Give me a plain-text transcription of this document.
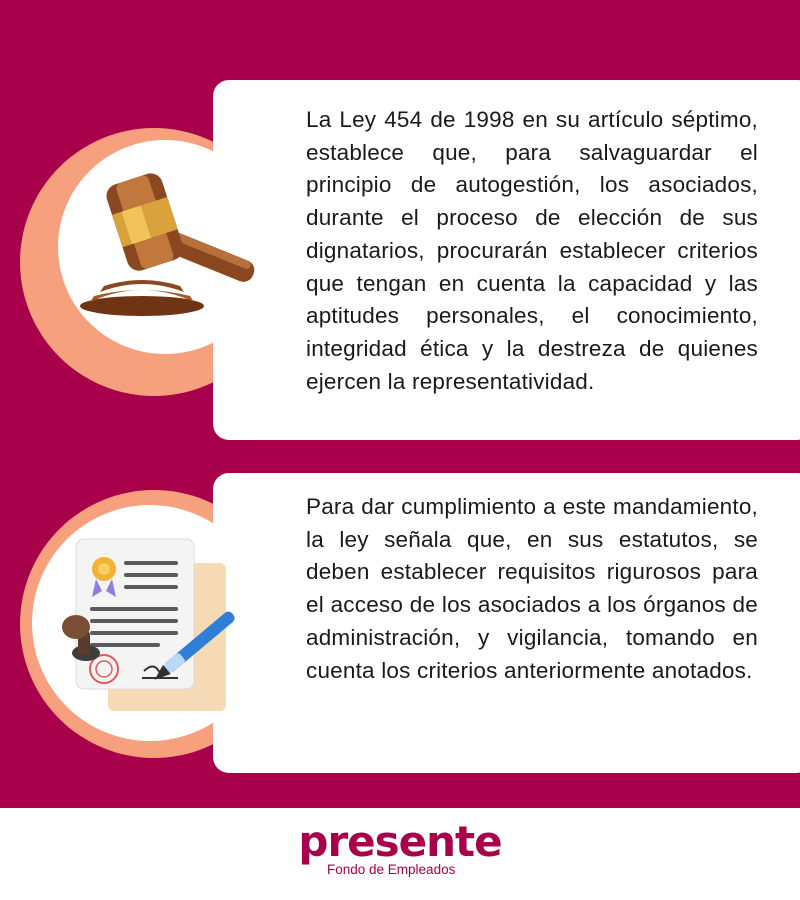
La Ley 454 de 1998 en su artículo séptimo, establece que, para salvaguardar el principio de autogestión, los asociados, durante el proceso de elección de sus dignatarios, procurarán establecer criterios que tengan en cuenta la capacidad y las aptitudes personales, el conocimiento, integridad ética y la destreza de quienes ejercen la representatividad.

Para dar cumplimiento a este mandamiento, la ley señala que, en sus estatutos, se deben establecer requisitos rigurosos para el acceso de los asociados a los órganos de administración, y vigilancia, tomando en cuenta los criterios anteriormente anotados.

presente
Fondo de Empleados
